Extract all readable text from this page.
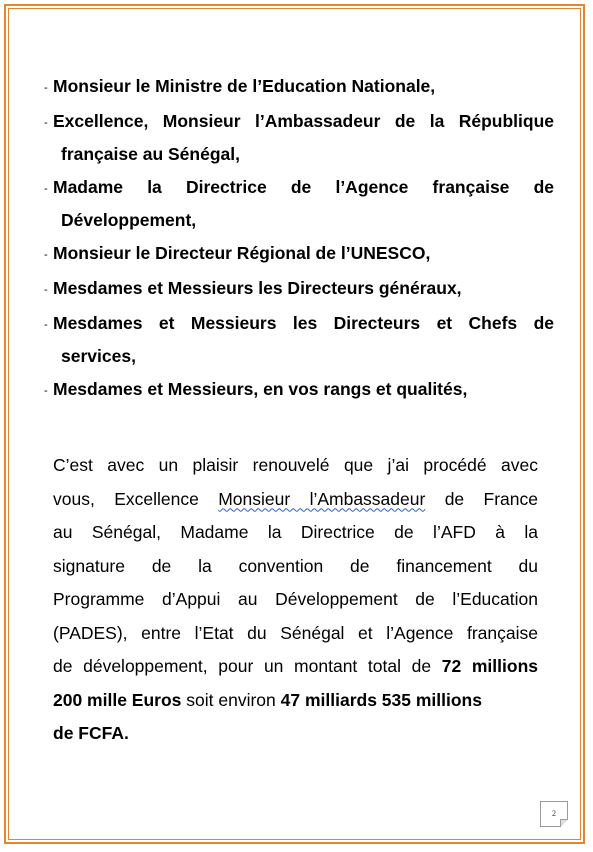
- Monsieur le Ministre de l’Education Nationale,
- Excellence, Monsieur l’Ambassadeur de la République
française au Sénégal,
- Madame la Directrice de l’Agence française de
Développement,
- Monsieur le Directeur Régional de l’UNESCO,
- Mesdames et Messieurs les Directeurs généraux,
- Mesdames et Messieurs les Directeurs et Chefs de
services,
- Mesdames et Messieurs, en vos rangs et qualités,

C’est avec un plaisir renouvelé que j’ai procédé avec
vous, Excellence Monsieur l’Ambassadeur de France
au Sénégal, Madame la Directrice de l’AFD à la
signature de la convention de financement du
Programme d’Appui au Développement de l’Education
(PADES), entre l’Etat du Sénégal et l’Agence française
de développement, pour un montant total de 72 millions
200 mille Euros soit environ 47 milliards 535 millions
de FCFA.

2
